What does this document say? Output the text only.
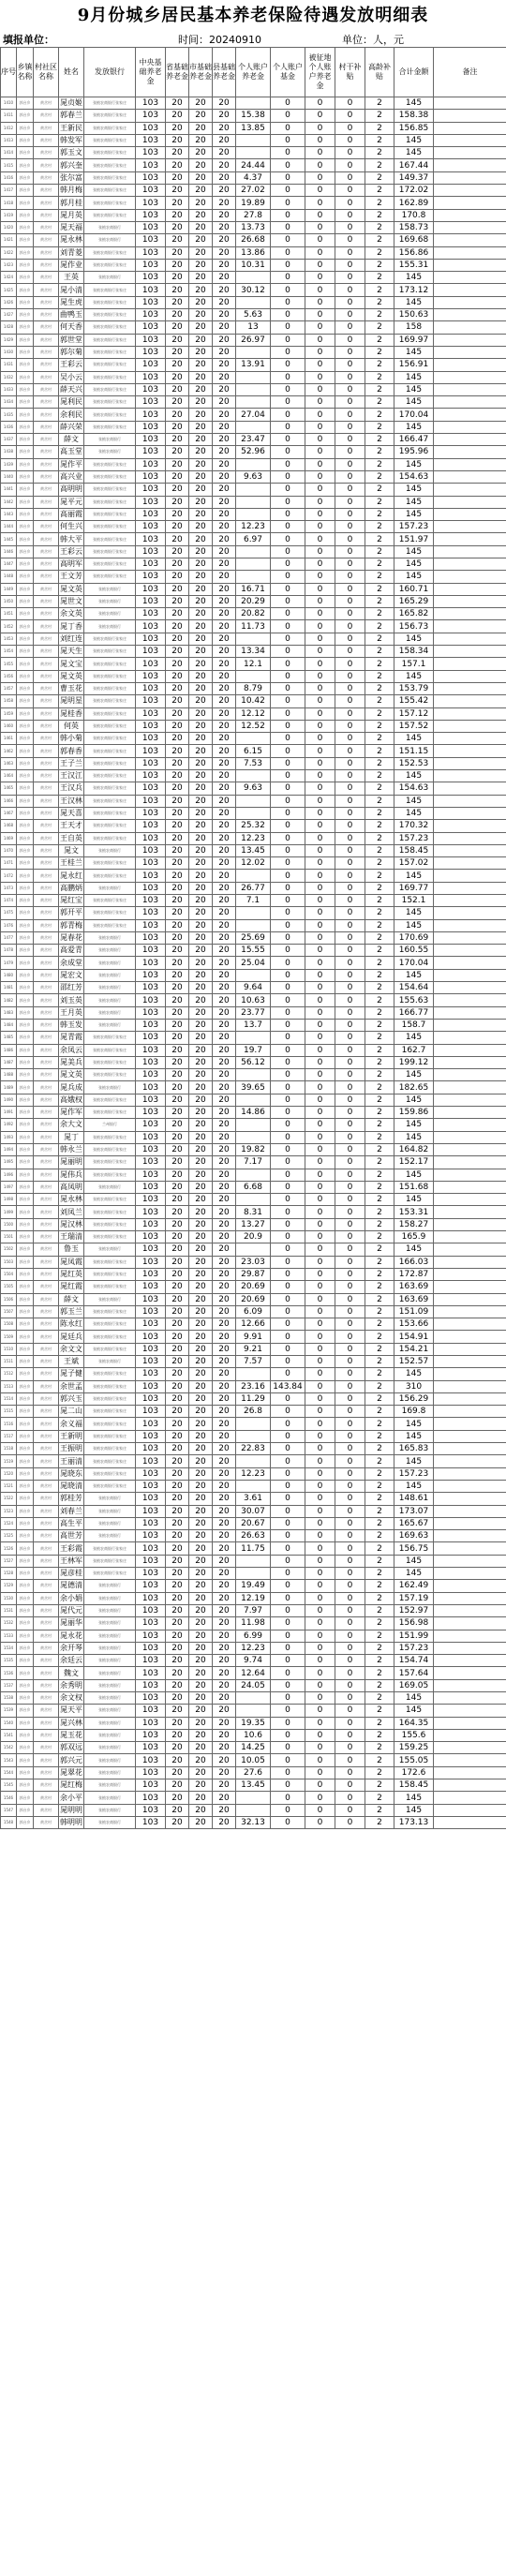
9月份城乡居民基本养老保险待遇发放明细表
填报单位：	时间：20240910	单位：人，元
序号	乡镇名称	村社区名称	姓名	发放银行	中央基础养老金	省基础养老金	市基础养老金	县基础养老金	个人账户养老金	个人账户基金	被征地个人账户养老金	村干补贴	高龄补贴	合计金额	备注
1410	郭台乡	黄岔村	晁贞姬	张掖农商银行张家庄	103	20	20	20		0	0	0	2	145	
1411	郭台乡	黄岔村	郭春兰	张掖农商银行张家庄	103	20	20	20	15.38	0	0	0	2	158.38	
1412	郭台乡	黄岔村	王新民	张掖农商银行张家庄	103	20	20	20	13.85	0	0	0	2	156.85	
1413	郭台乡	黄岔村	韩发军	张掖农商银行张家庄	103	20	20	20		0	0	0	2	145	
1414	郭台乡	黄岔村	郭玉文	张掖农商银行张家庄	103	20	20	20		0	0	0	2	145	
1415	郭台乡	黄岔村	郭兴奎	张掖农商银行张家庄	103	20	20	20	24.44	0	0	0	2	167.44	
1416	郭台乡	黄岔村	张尔富	张掖农商银行张家庄	103	20	20	20	4.37	0	0	0	2	149.37	
1417	郭台乡	黄岔村	韩月梅	张掖农商银行张家庄	103	20	20	20	27.02	0	0	0	2	172.02	
1418	郭台乡	黄岔村	郭月桂	张掖农商银行张家庄	103	20	20	20	19.89	0	0	0	2	162.89	
1419	郭台乡	黄岔村	晁月英	张掖农商银行张家庄	103	20	20	20	27.8	0	0	0	2	170.8	
1420	郭台乡	黄岔村	晁天福	张掖农商银行	103	20	20	20	13.73	0	0	0	2	158.73	
1421	郭台乡	黄岔村	晁永林	张掖农商银行	103	20	20	20	26.68	0	0	0	2	169.68	
1422	郭台乡	黄岔村	刘青菱	张掖农商银行张家庄	103	20	20	20	13.86	0	0	0	2	156.86	
1423	郭台乡	黄岔村	晁作业	张掖农商银行张家庄	103	20	20	20	10.31	0	0	0	2	155.31	
1424	郭台乡	黄岔村	王英	张掖农商银行	103	20	20	20		0	0	0	2	145	
1425	郭台乡	黄岔村	晁小清	张掖农商银行张家庄	103	20	20	20	30.12	0	0	0	2	173.12	
1426	郭台乡	黄岔村	晁生虎	张掖农商银行张家庄	103	20	20	20		0	0	0	2	145	
1427	郭台乡	黄岔村	曲鸭玉	张掖农商银行张家庄	103	20	20	20	5.63	0	0	0	2	150.63	
1428	郭台乡	黄岔村	何天香	张掖农商银行张家庄	103	20	20	20	13	0	0	0	2	158	
1429	郭台乡	黄岔村	郭世堂	张掖农商银行张家庄	103	20	20	20	26.97	0	0	0	2	169.97	
1430	郭台乡	黄岔村	郭尔菊	张掖农商银行张家庄	103	20	20	20		0	0	0	2	145	
1431	郭台乡	黄岔村	王彩云	张掖农商银行张家庄	103	20	20	20	13.91	0	0	0	2	156.91	
1432	郭台乡	黄岔村	吴小云	张掖农商银行张家庄	103	20	20	20		0	0	0	2	145	
1433	郭台乡	黄岔村	薛天兴	张掖农商银行张家庄	103	20	20	20		0	0	0	2	145	
1434	郭台乡	黄岔村	晁利民	张掖农商银行张家庄	103	20	20	20		0	0	0	2	145	
1435	郭台乡	黄岔村	余利民	张掖农商银行张家庄	103	20	20	20	27.04	0	0	0	2	170.04	
1436	郭台乡	黄岔村	薛兴荣	张掖农商银行张家庄	103	20	20	20		0	0	0	2	145	
1437	郭台乡	黄岔村	薛文	张掖农商银行	103	20	20	20	23.47	0	0	0	2	166.47	
1438	郭台乡	黄岔村	高玉堂	张掖农商银行	103	20	20	20	52.96	0	0	0	2	195.96	
1439	郭台乡	黄岔村	晁作平	张掖农商银行张家庄	103	20	20	20		0	0	0	2	145	
1440	郭台乡	黄岔村	高兴业	张掖农商银行张家庄	103	20	20	20	9.63	0	0	0	2	154.63	
1441	郭台乡	黄岔村	高明明	张掖农商银行张家庄	103	20	20	20		0	0	0	2	145	
1442	郭台乡	黄岔村	晁平元	张掖农商银行张家庄	103	20	20	20		0	0	0	2	145	
1443	郭台乡	黄岔村	高丽霞	张掖农商银行张家庄	103	20	20	20		0	0	0	2	145	
1444	郭台乡	黄岔村	何生兴	张掖农商银行张家庄	103	20	20	20	12.23	0	0	0	2	157.23	
1445	郭台乡	黄岔村	韩大平	张掖农商银行张家庄	103	20	20	20	6.97	0	0	0	2	151.97	
1446	郭台乡	黄岔村	王彩云	张掖农商银行张家庄	103	20	20	20		0	0	0	2	145	
1447	郭台乡	黄岔村	高明军	张掖农商银行张家庄	103	20	20	20		0	0	0	2	145	
1448	郭台乡	黄岔村	王文芳	张掖农商银行张家庄	103	20	20	20		0	0	0	2	145	
1449	郭台乡	黄岔村	晁文英	张掖农商银行	103	20	20	20	16.71	0	0	0	2	160.71	
1450	郭台乡	黄岔村	晁世文	张掖农商银行	103	20	20	20	20.29	0	0	0	2	165.29	
1451	郭台乡	黄岔村	余文英	张掖农商银行	103	20	20	20	20.82	0	0	0	2	165.82	
1452	郭台乡	黄岔村	晁丁香	张掖农商银行	103	20	20	20	11.73	0	0	0	2	156.73	
1453	郭台乡	黄岔村	刘红连	张掖农商银行张家庄	103	20	20	20		0	0	0	2	145	
1454	郭台乡	黄岔村	晁天生	张掖农商银行张家庄	103	20	20	20	13.34	0	0	0	2	158.34	
1455	郭台乡	黄岔村	晁文宝	张掖农商银行张家庄	103	20	20	20	12.1	0	0	0	2	157.1	
1456	郭台乡	黄岔村	晁文英	张掖农商银行张家庄	103	20	20	20		0	0	0	2	145	
1457	郭台乡	黄岔村	曹玉花	张掖农商银行张家庄	103	20	20	20	8.79	0	0	0	2	153.79	
1458	郭台乡	黄岔村	晁明星	张掖农商银行张家庄	103	20	20	20	10.42	0	0	0	2	155.42	
1459	郭台乡	黄岔村	晁桂香	张掖农商银行张家庄	103	20	20	20	12.12	0	0	0	2	157.12	
1460	郭台乡	黄岔村	何英	张掖农商银行张家庄	103	20	20	20	12.52	0	0	0	2	157.52	
1461	郭台乡	黄岔村	韩小菊	张掖农商银行张家庄	103	20	20	20		0	0	0	2	145	
1462	郭台乡	黄岔村	郭春香	张掖农商银行张家庄	103	20	20	20	6.15	0	0	0	2	151.15	
1463	郭台乡	黄岔村	王子兰	张掖农商银行张家庄	103	20	20	20	7.53	0	0	0	2	152.53	
1464	郭台乡	黄岔村	王汉江	张掖农商银行张家庄	103	20	20	20		0	0	0	2	145	
1465	郭台乡	黄岔村	王汉兵	张掖农商银行张家庄	103	20	20	20	9.63	0	0	0	2	154.63	
1466	郭台乡	黄岔村	王汉林	张掖农商银行张家庄	103	20	20	20		0	0	0	2	145	
1467	郭台乡	黄岔村	晁天喜	张掖农商银行张家庄	103	20	20	20		0	0	0	2	145	
1468	郭台乡	黄岔村	王天才	张掖农商银行张家庄	103	20	20	20	25.32	0	0	0	2	170.32	
1469	郭台乡	黄岔村	王自英	张掖农商银行张家庄	103	20	20	20	12.23	0	0	0	2	157.23	
1470	郭台乡	黄岔村	晁文	张掖农商银行	103	20	20	20	13.45	0	0	0	2	158.45	
1471	郭台乡	黄岔村	王桂兰	张掖农商银行张家庄	103	20	20	20	12.02	0	0	0	2	157.02	
1472	郭台乡	黄岔村	晁永红	张掖农商银行张家庄	103	20	20	20		0	0	0	2	145	
1473	郭台乡	黄岔村	高鹏炳	张掖农商银行	103	20	20	20	26.77	0	0	0	2	169.77	
1474	郭台乡	黄岔村	晁红宝	张掖农商银行张家庄	103	20	20	20	7.1	0	0	0	2	152.1	
1475	郭台乡	黄岔村	郭开平	张掖农商银行张家庄	103	20	20	20		0	0	0	2	145	
1476	郭台乡	黄岔村	郭青梅	张掖农商银行张家庄	103	20	20	20		0	0	0	2	145	
1477	郭台乡	黄岔村	晁春花	张掖农商银行	103	20	20	20	25.69	0	0	0	2	170.69	
1478	郭台乡	黄岔村	高爱青	张掖农商银行	103	20	20	20	15.55	0	0	0	2	160.55	
1479	郭台乡	黄岔村	余成堂	张掖农商银行	103	20	20	20	25.04	0	0	0	2	170.04	
1480	郭台乡	黄岔村	晁宏文	张掖农商银行	103	20	20	20		0	0	0	2	145	
1481	郭台乡	黄岔村	邵红芳	张掖农商银行	103	20	20	20	9.64	0	0	0	2	154.64	
1482	郭台乡	黄岔村	刘玉英	张掖农商银行	103	20	20	20	10.63	0	0	0	2	155.63	
1483	郭台乡	黄岔村	王月英	张掖农商银行	103	20	20	20	23.77	0	0	0	2	166.77	
1484	郭台乡	黄岔村	韩玉发	张掖农商银行	103	20	20	20	13.7	0	0	0	2	158.7	
1485	郭台乡	黄岔村	晁青霞	张掖农商银行张家庄	103	20	20	20		0	0	0	2	145	
1486	郭台乡	黄岔村	余凤云	张掖农商银行张家庄	103	20	20	20	19.7	0	0	0	2	162.7	
1487	郭台乡	黄岔村	晁美兵	张掖农商银行张家庄	103	20	20	20	56.12	0	0	0	2	199.12	
1488	郭台乡	黄岔村	晁文英	张掖农商银行张家庄	103	20	20	20		0	0	0	2	145	
1489	郭台乡	黄岔村	晁兵成	张掖农商银行	103	20	20	20	39.65	0	0	0	2	182.65	
1490	郭台乡	黄岔村	高娥权	张掖农商银行张家庄	103	20	20	20		0	0	0	2	145	
1491	郭台乡	黄岔村	晁作军	张掖农商银行张家庄	103	20	20	20	14.86	0	0	0	2	159.86	
1492	郭台乡	黄岔村	余大文	兰州银行	103	20	20	20		0	0	0	2	145	
1493	郭台乡	黄岔村	晁丁	张掖农商银行张家庄	103	20	20	20		0	0	0	2	145	
1494	郭台乡	黄岔村	韩永兰	张掖农商银行张家庄	103	20	20	20	19.82	0	0	0	2	164.82	
1495	郭台乡	黄岔村	晁丽明	张掖农商银行张家庄	103	20	20	20	7.17	0	0	0	2	152.17	
1496	郭台乡	黄岔村	晁伟兵	张掖农商银行张家庄	103	20	20	20		0	0	0	2	145	
1497	郭台乡	黄岔村	高凤明	张掖农商银行	103	20	20	20	6.68	0	0	0	2	151.68	
1498	郭台乡	黄岔村	晁永林	张掖农商银行张家庄	103	20	20	20		0	0	0	2	145	
1499	郭台乡	黄岔村	刘凤兰	张掖农商银行张家庄	103	20	20	20	8.31	0	0	0	2	153.31	
1500	郭台乡	黄岔村	晁汉林	张掖农商银行张家庄	103	20	20	20	13.27	0	0	0	2	158.27	
1501	郭台乡	黄岔村	王瑞清	张掖农商银行张家庄	103	20	20	20	20.9	0	0	0	2	165.9	
1502	郭台乡	黄岔村	鲁玉	张掖农商银行	103	20	20	20		0	0	0	2	145	
1503	郭台乡	黄岔村	晁凤霞	张掖农商银行张家庄	103	20	20	20	23.03	0	0	0	2	166.03	
1504	郭台乡	黄岔村	晁红英	张掖农商银行张家庄	103	20	20	20	29.87	0	0	0	2	172.87	
1505	郭台乡	黄岔村	晁红霞	张掖农商银行张家庄	103	20	20	20	20.69	0	0	0	2	163.69	
1506	郭台乡	黄岔村	薛文	张掖农商银行	103	20	20	20	20.69	0	0	0	2	163.69	
1507	郭台乡	黄岔村	郭玉兰	张掖农商银行张家庄	103	20	20	20	6.09	0	0	0	2	151.09	
1508	郭台乡	黄岔村	陈永红	张掖农商银行张家庄	103	20	20	20	12.66	0	0	0	2	153.66	
1509	郭台乡	黄岔村	晁廷兵	张掖农商银行张家庄	103	20	20	20	9.91	0	0	0	2	154.91	
1510	郭台乡	黄岔村	余文文	张掖农商银行张家庄	103	20	20	20	9.21	0	0	0	2	154.21	
1511	郭台乡	黄岔村	王斌	张掖农商银行	103	20	20	20	7.57	0	0	0	2	152.57	
1512	郭台乡	黄岔村	晁子健	张掖农商银行张家庄	103	20	20	20		0	0	0	2	145	
1513	郭台乡	黄岔村	余世孟	张掖农商银行张家庄	103	20	20	20	23.16	143.84	0	0	2	310	
1514	郭台乡	黄岔村	郭兴玉	张掖农商银行张家庄	103	20	20	20	11.29	0	0	0	2	156.29	
1515	郭台乡	黄岔村	晁二山	张掖农商银行张家庄	103	20	20	20	26.8	0	0	0	2	169.8	
1516	郭台乡	黄岔村	余义福	张掖农商银行张家庄	103	20	20	20		0	0	0	2	145	
1517	郭台乡	黄岔村	王新明	张掖农商银行张家庄	103	20	20	20		0	0	0	2	145	
1518	郭台乡	黄岔村	王振明	张掖农商银行张家庄	103	20	20	20	22.83	0	0	0	2	165.83	
1519	郭台乡	黄岔村	王丽清	张掖农商银行张家庄	103	20	20	20		0	0	0	2	145	
1520	郭台乡	黄岔村	晁晓东	张掖农商银行张家庄	103	20	20	20	12.23	0	0	0	2	157.23	
1521	郭台乡	黄岔村	晁晓清	张掖农商银行张家庄	103	20	20	20		0	0	0	2	145	
1522	郭台乡	黄岔村	郭桂芳	张掖农商银行	103	20	20	20	3.61	0	0	0	2	148.61	
1523	郭台乡	黄岔村	刘春兰	张掖农商银行	103	20	20	20	30.07	0	0	0	2	173.07	
1524	郭台乡	黄岔村	高生平	张掖农商银行	103	20	20	20	20.67	0	0	0	2	165.67	
1525	郭台乡	黄岔村	高世芳	张掖农商银行	103	20	20	20	26.63	0	0	0	2	169.63	
1526	郭台乡	黄岔村	王彩霞	张掖农商银行张家庄	103	20	20	20	11.75	0	0	0	2	156.75	
1527	郭台乡	黄岔村	王林军	张掖农商银行张家庄	103	20	20	20		0	0	0	2	145	
1528	郭台乡	黄岔村	晁彦桂	张掖农商银行张家庄	103	20	20	20		0	0	0	2	145	
1529	郭台乡	黄岔村	晁德清	张掖农商银行	103	20	20	20	19.49	0	0	0	2	162.49	
1530	郭台乡	黄岔村	余小娟	张掖农商银行	103	20	20	20	12.19	0	0	0	2	157.19	
1531	郭台乡	黄岔村	晁代元	张掖农商银行	103	20	20	20	7.97	0	0	0	2	152.97	
1532	郭台乡	黄岔村	晁丽华	张掖农商银行	103	20	20	20	11.98	0	0	0	2	156.98	
1533	郭台乡	黄岔村	晁永花	张掖农商银行	103	20	20	20	6.99	0	0	0	2	151.99	
1534	郭台乡	黄岔村	余开琴	张掖农商银行	103	20	20	20	12.23	0	0	0	2	157.23	
1535	郭台乡	黄岔村	余廷云	张掖农商银行	103	20	20	20	9.74	0	0	0	2	154.74	
1536	郭台乡	黄岔村	魏文	张掖农商银行	103	20	20	20	12.64	0	0	0	2	157.64	
1537	郭台乡	黄岔村	余秀明	张掖农商银行	103	20	20	20	24.05	0	0	0	2	169.05	
1538	郭台乡	黄岔村	余文权	张掖农商银行	103	20	20	20		0	0	0	2	145	
1539	郭台乡	黄岔村	晁天平	张掖农商银行	103	20	20	20		0	0	0	2	145	
1540	郭台乡	黄岔村	晁兴林	张掖农商银行	103	20	20	20	19.35	0	0	0	2	164.35	
1541	郭台乡	黄岔村	晁玉花	张掖农商银行	103	20	20	20	10.6	0	0	0	2	155.6	
1542	郭台乡	黄岔村	郭双远	张掖农商银行	103	20	20	20	14.25	0	0	0	2	159.25	
1543	郭台乡	黄岔村	郭兴元	张掖农商银行	103	20	20	20	10.05	0	0	0	2	155.05	
1544	郭台乡	黄岔村	晁翠花	张掖农商银行	103	20	20	20	27.6	0	0	0	2	172.6	
1545	郭台乡	黄岔村	晁红梅	张掖农商银行	103	20	20	20	13.45	0	0	0	2	158.45	
1546	郭台乡	黄岔村	余小平	张掖农商银行	103	20	20	20		0	0	0	2	145	
1547	郭台乡	黄岔村	晁明明	张掖农商银行	103	20	20	20		0	0	0	2	145	
1548	郭台乡	黄岔村	韩明明	张掖农商银行	103	20	20	20	32.13	0	0	0	2	173.13	
